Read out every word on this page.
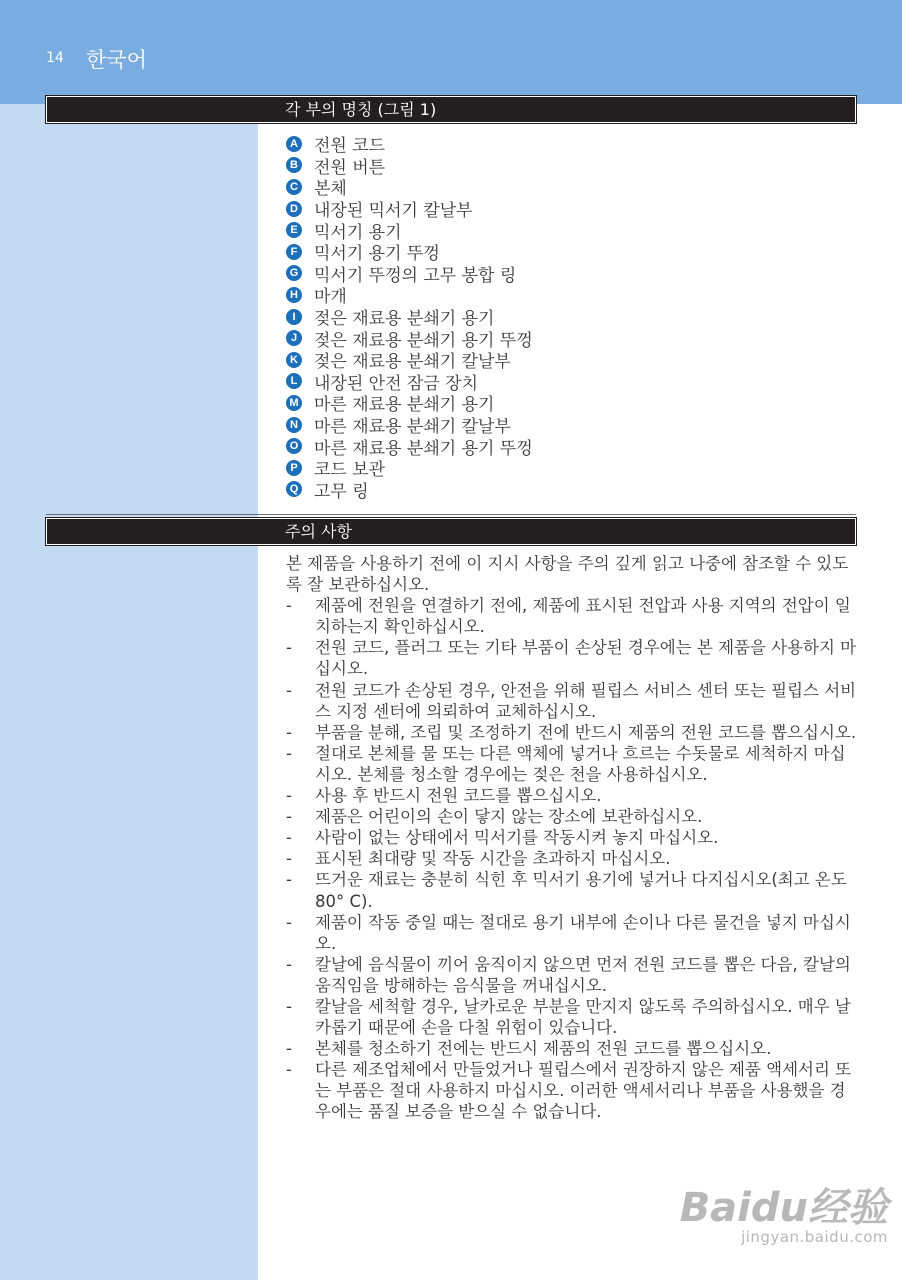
14 한국어
각 부의 명칭 (그림 1)
A 전원 코드
B 전원 버튼
C 본체
D 내장된 믹서기 칼날부
E 믹서기 용기
F 믹서기 용기 뚜껑
G 믹서기 뚜껑의 고무 봉합 링
H 마개
I	젖은 재료용 분쇄기 용기
J 젖은 재료용 분쇄기 용기 뚜껑
K 젖은 재료용 분쇄기 칼날부
L 내장된 안전 잠금 장치
M 마른 재료용 분쇄기 용기
N 마른 재료용 분쇄기 칼날부
O 마른 재료용 분쇄기 용기 뚜껑
P 코드 보관
Q 고무 링
주의 사항

본 제품을 사용하기 전에 이 지시 사항을 주의 깊게 읽고 나중에 참조할 수 있도록 잘 보관하십시오.

- 제품에 전원을 연결하기 전에, 제품에 표시된 전압과 사용 지역의 전압이 일치하는지 확인하십시오.
- 전원 코드, 플러그 또는 기타 부품이 손상된 경우에는 본 제품을 사용하지 마십시오.
- 전원 코드가 손상된 경우, 안전을 위해 필립스 서비스 센터 또는 필립스 서비스 지정 센터에 의뢰하여 교체하십시오.
- 부품을 분해, 조립 및 조정하기 전에 반드시 제품의 전원 코드를 뽑으십시오.
- 절대로 본체를 물 또는 다른 액체에 넣거나 흐르는 수돗물로 세척하지 마십시오. 본체를 청소할 경우에는 젖은 천을 사용하십시오.
- 사용 후 반드시 전원 코드를 뽑으십시오.
- 제품은 어린이의 손이 닿지 않는 장소에 보관하십시오.
- 사람이 없는 상태에서 믹서기를 작동시켜 놓지 마십시오.
- 표시된 최대량 및 작동 시간을 초과하지 마십시오.
- 뜨거운 재료는 충분히 식힌 후 믹서기 용기에 넣거나 다지십시오(최고 온도 80° C).
- 제품이 작동 중일 때는 절대로 용기 내부에 손이나 다른 물건을 넣지 마십시오.
- 칼날에 음식물이 끼어 움직이지 않으면 먼저 전원 코드를 뽑은 다음, 칼날의 움직임을 방해하는 음식물을 꺼내십시오.
- 칼날을 세척할 경우, 날카로운 부분을 만지지 않도록 주의하십시오. 매우 날카롭기 때문에 손을 다칠 위험이 있습니다.
- 본체를 청소하기 전에는 반드시 제품의 전원 코드를 뽑으십시오.
- 다른 제조업체에서 만들었거나 필립스에서 권장하지 않은 제품 액세서리 또는 부품은 절대 사용하지 마십시오. 이러한 액세서리나 부품을 사용했을 경우에는 품질 보증을 받으실 수 없습니다.
Baidu经验
jingyan.baidu.com
